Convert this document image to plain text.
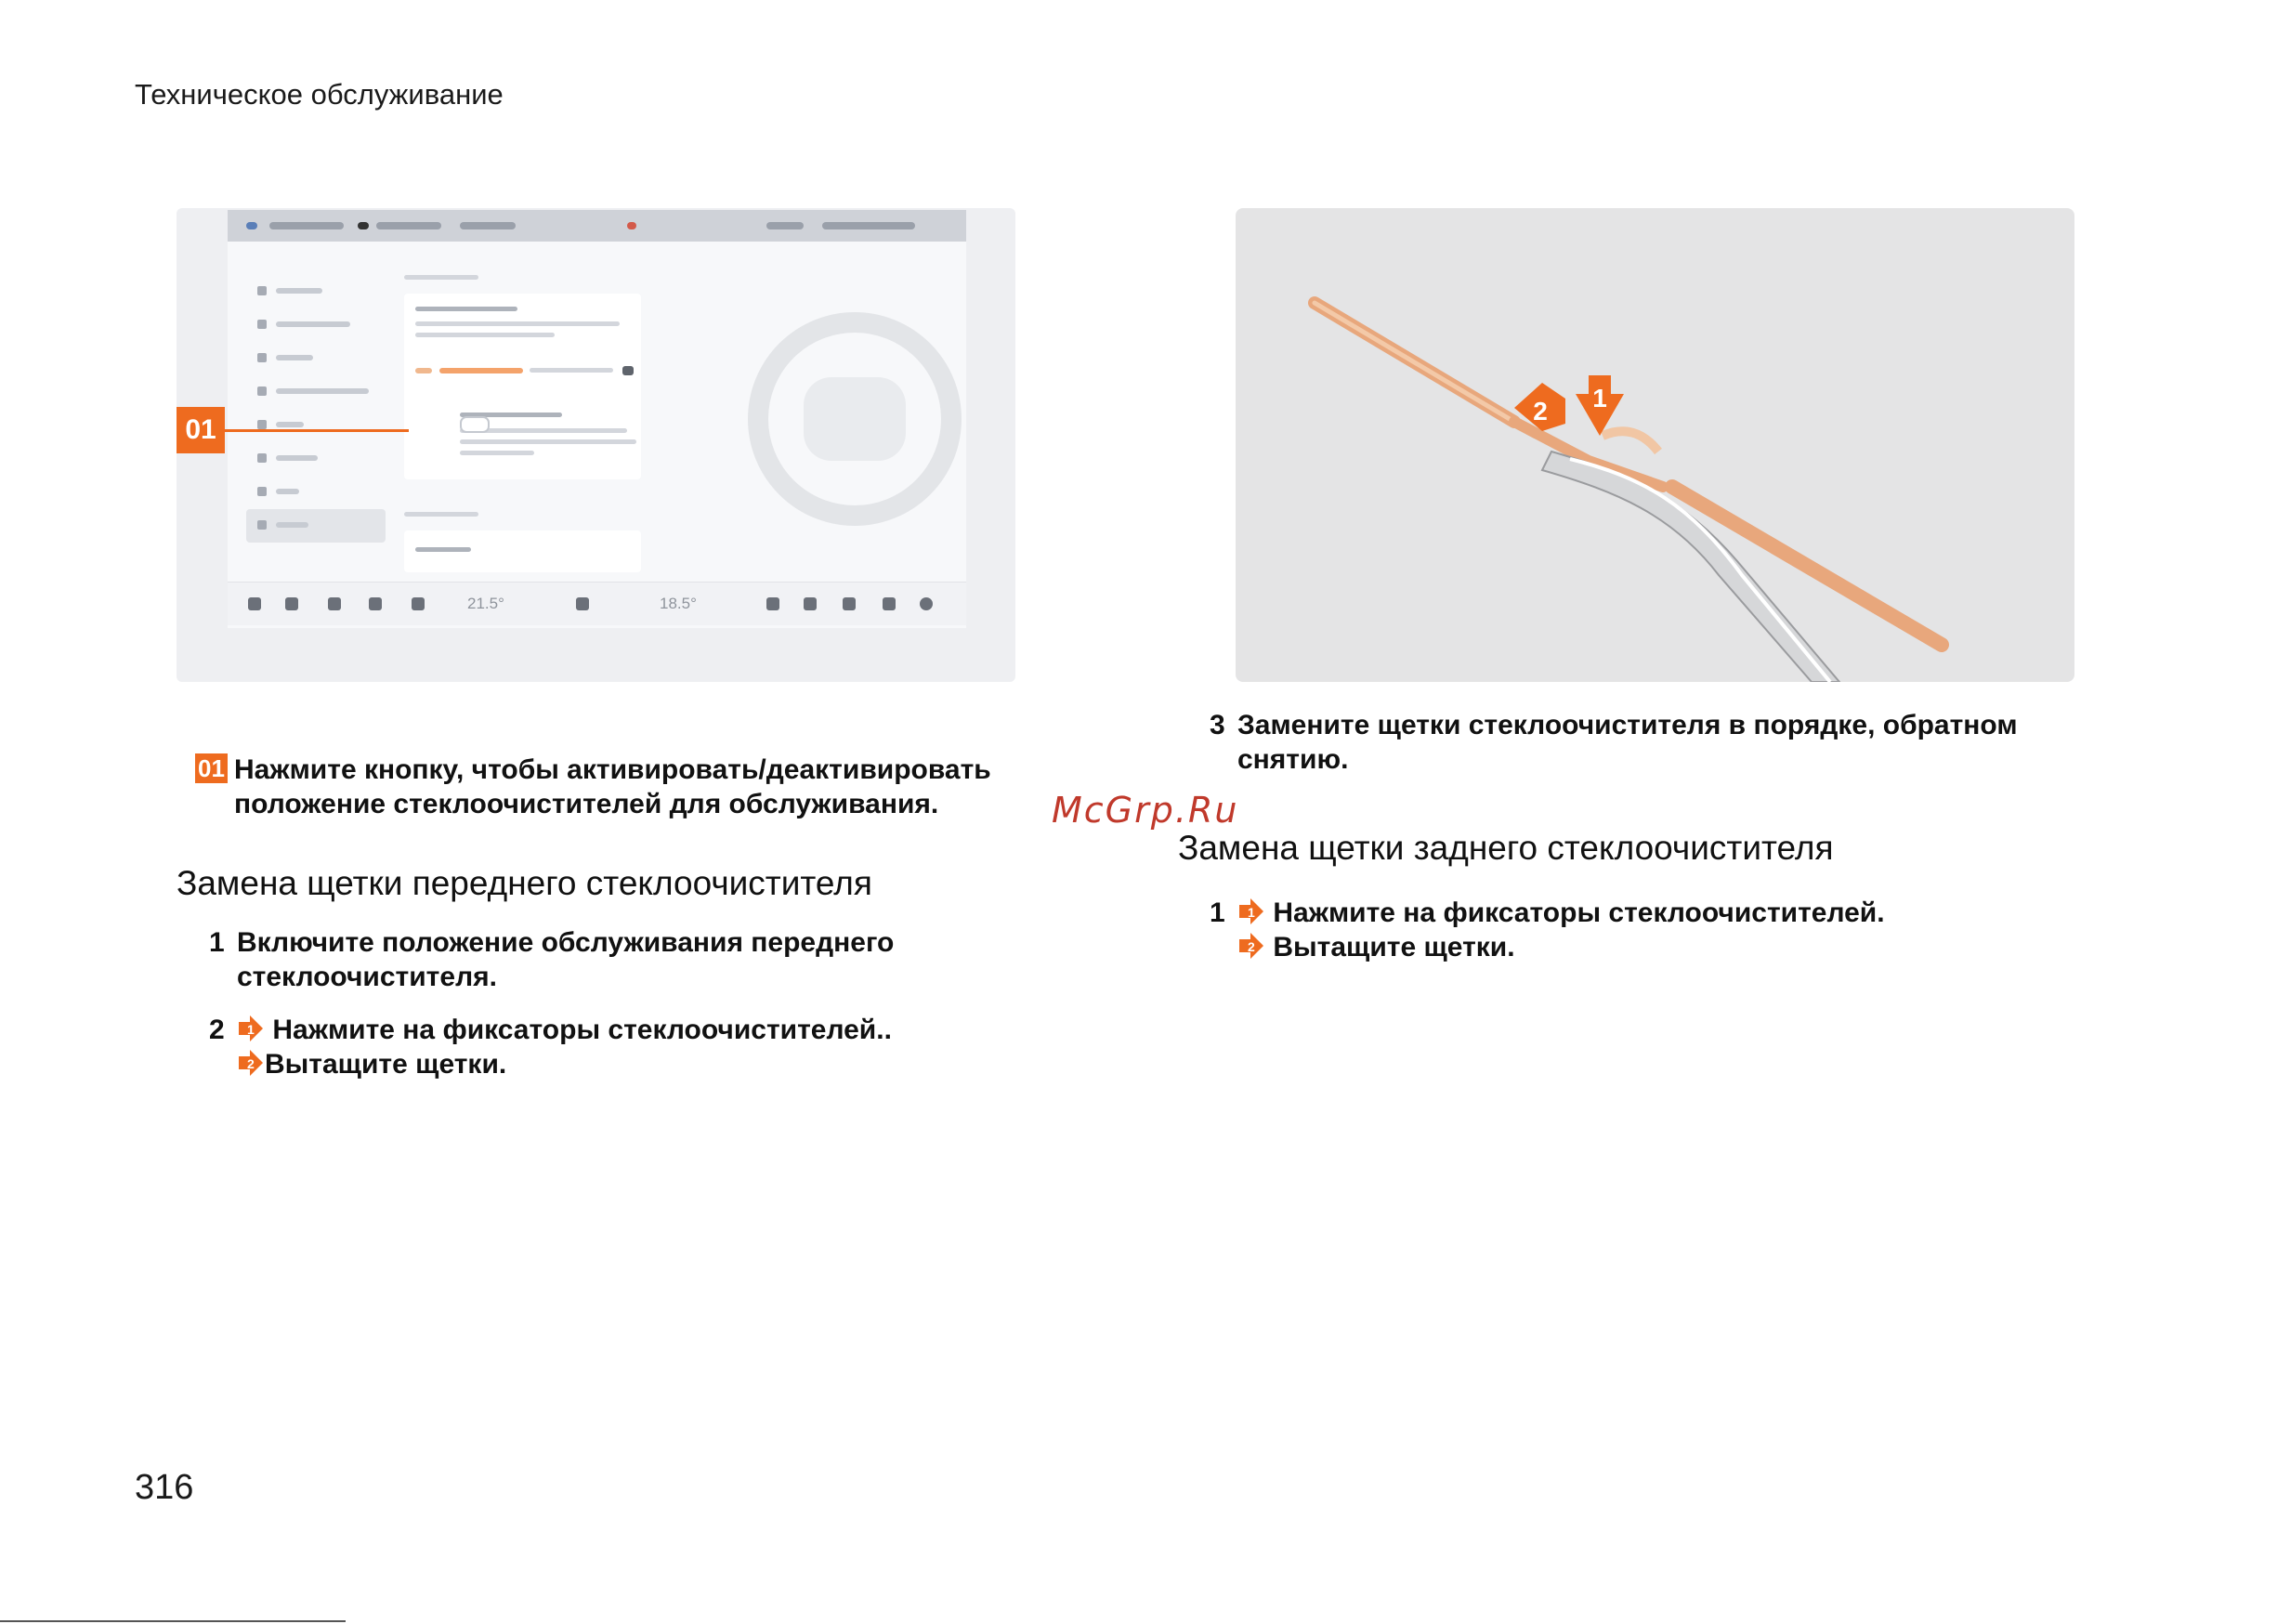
Техническое обслуживание
21.5°	18.5°
01
1
2
01 Нажмите кнопку, чтобы активировать/деактивировать положение стеклоочистителей для обслуживания.
Замена щетки переднего стеклоочистителя
1 Включите положение обслуживания переднего стеклоочистителя.
2 1 Нажмите на фиксаторы стеклоочистителей..

2 Вытащите щетки.
3 Замените щетки стеклоочистителя в порядке, обратном снятию.
McGrp.Ru
Замена щетки заднего стеклоочистителя
1 1 Нажмите на фиксаторы стеклоочистителей.

2 Вытащите щетки.
316
